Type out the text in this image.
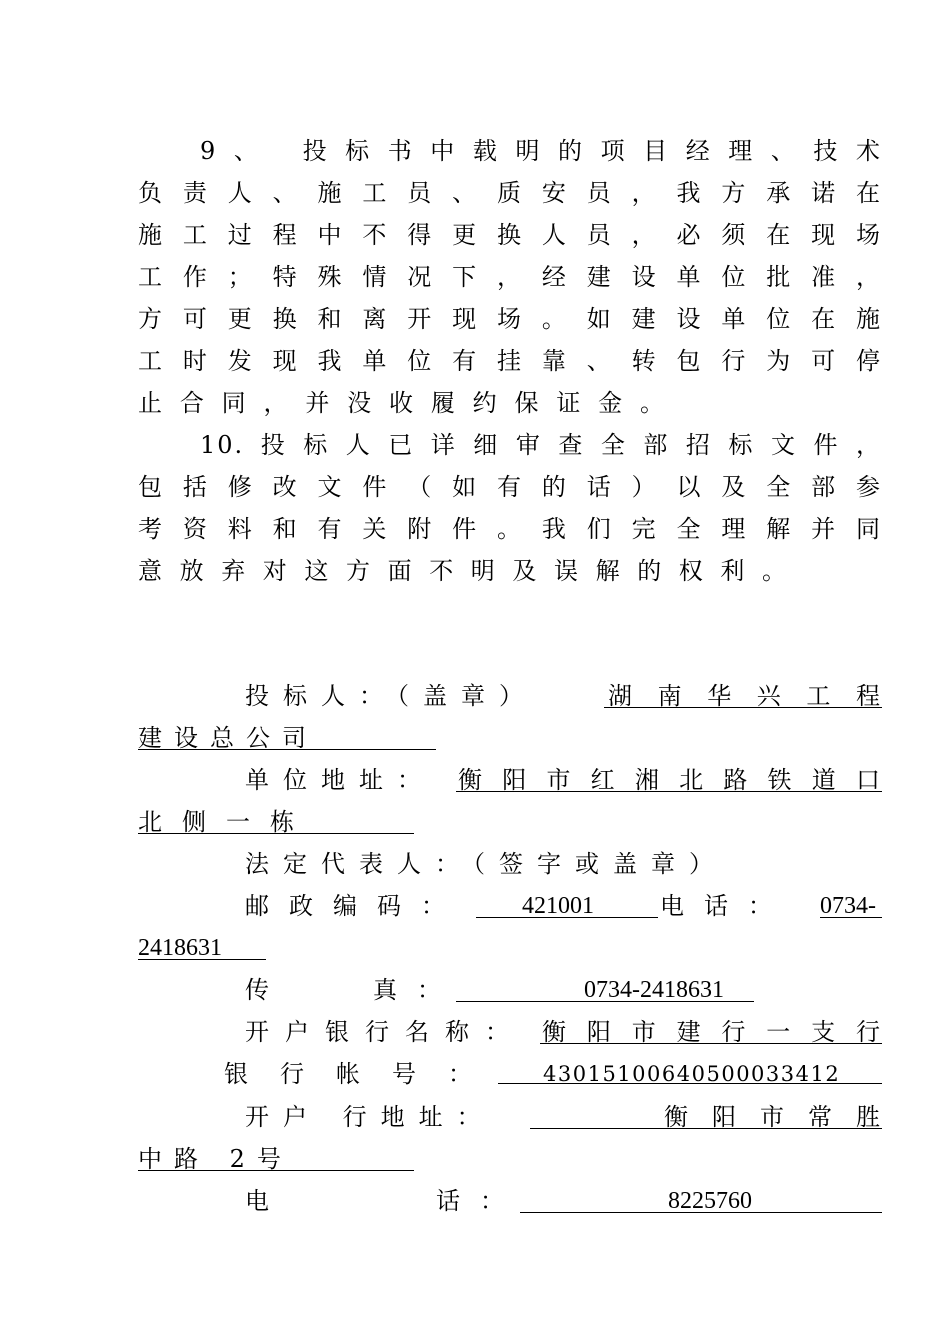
9、 投标书中载明的项目经理、技术
负责人、施工员、质安员，我方承诺在
施工过程中不得更换人员，必须在现场
工作；特殊情况下，经建设单位批准，
方可更换和离开现场。如建设单位在施
工时发现我单位有挂靠、转包行为可停
止合同，并没收履约保证金。
10.投标人已详细审查全部招标文件，
包括修改文件（如有的话）以及全部参
考资料和有关附件。我们完全理解并同
意放弃对这方面不明及误解的权利。
投标人：（盖章）	湖南华兴工程
建设总公司
单位地址： 衡阳市红湘北路铁道口
北侧一栋
法定代表人：（签字或盖章）
邮政编码： 421001	电话： 0734-
2418631
传	真：	0734-2418631
开户银行名称： 衡阳市建行一支行
银行帐号：	43015100640500033412
开户 行地址：	衡阳市常胜
中路 2号
电	话：	8225760
